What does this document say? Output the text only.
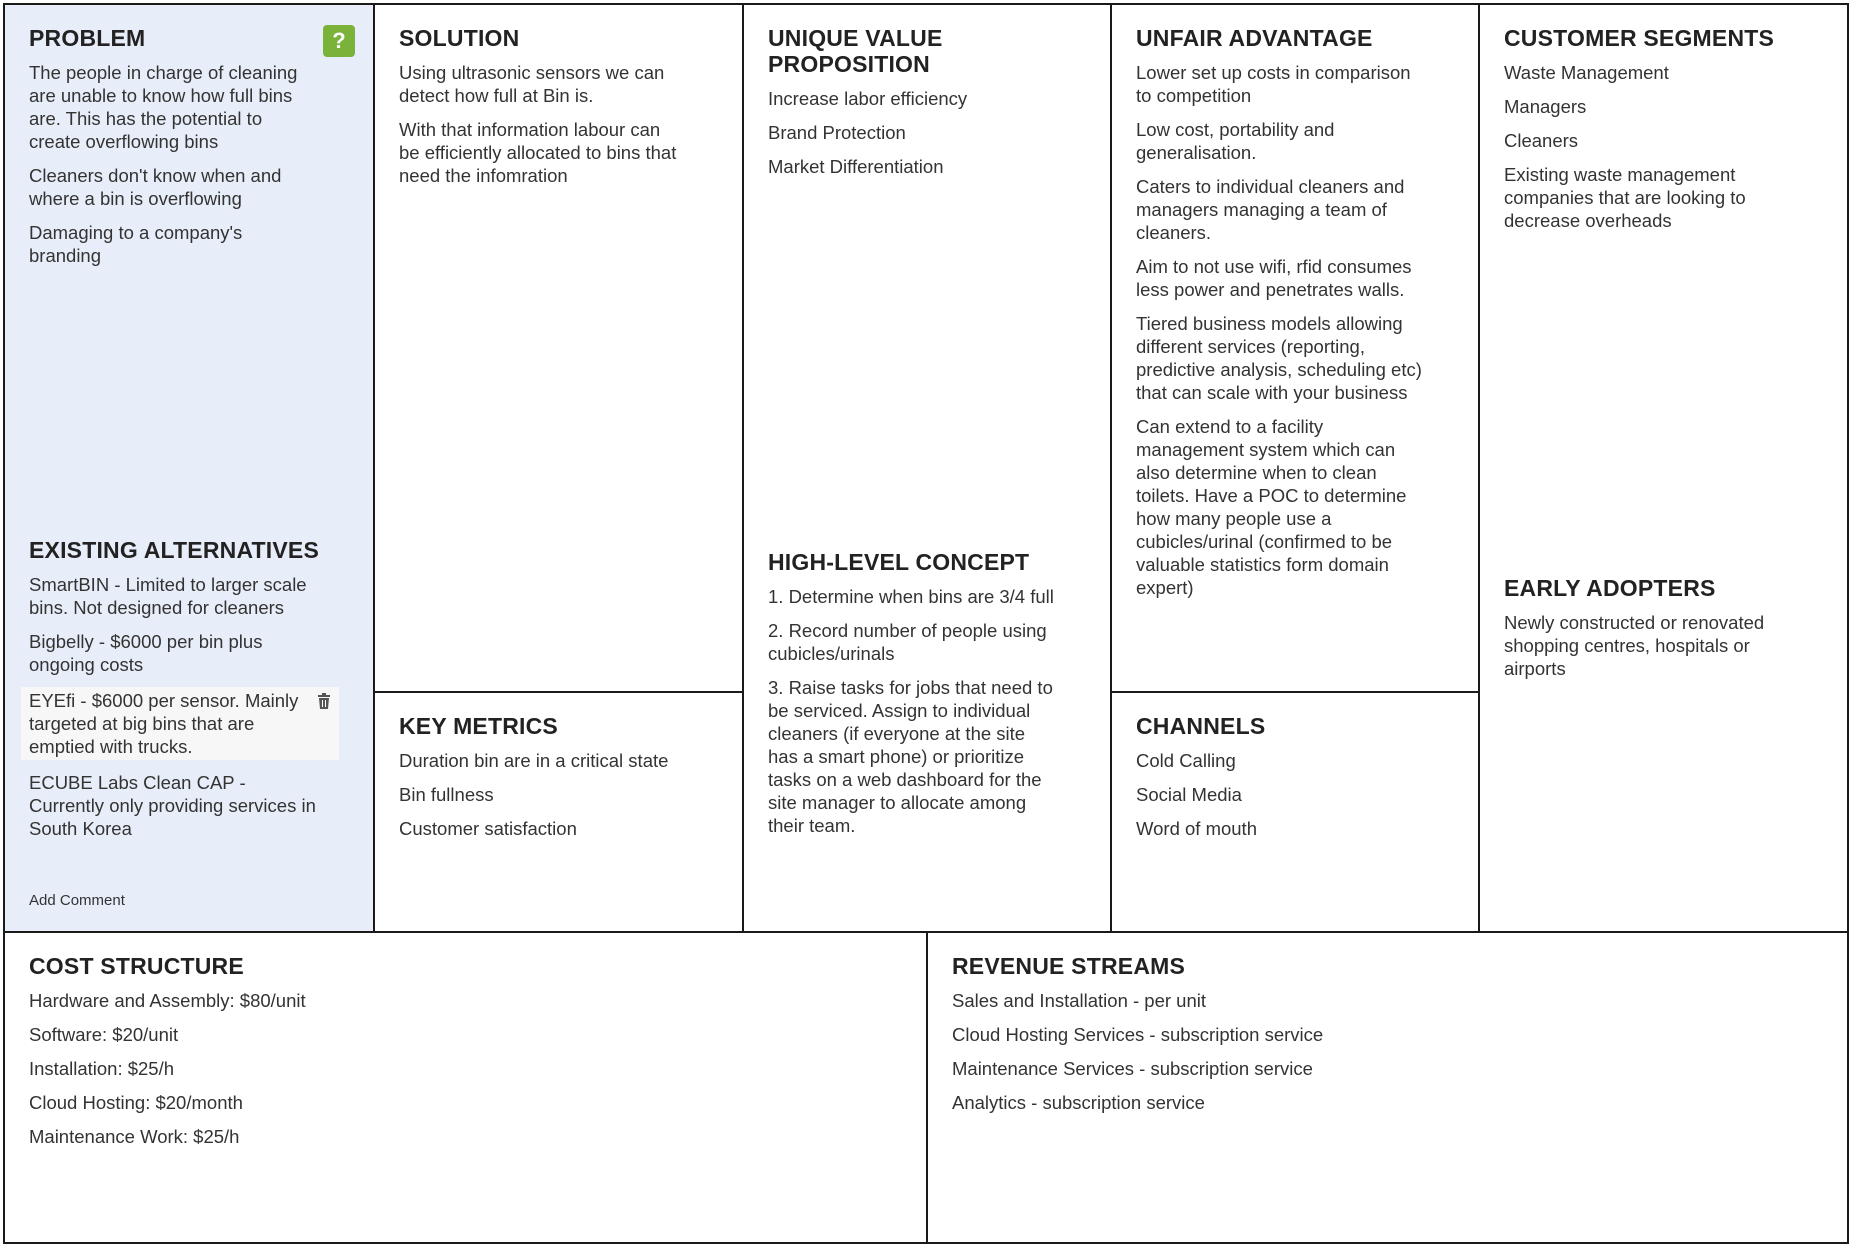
PROBLEM	?
The people in charge of cleaning are unable to know how full bins are. This has the potential to create overflowing bins
Cleaners don't know when and where a bin is overflowing
Damaging to a company's branding
EXISTING ALTERNATIVES
SmartBIN - Limited to larger scale bins. Not designed for cleaners
Bigbelly - $6000 per bin plus ongoing costs
EYEfi - $6000 per sensor. Mainly targeted at big bins that are emptied with trucks.
ECUBE Labs Clean CAP - Currently only providing services in South Korea
Add Comment
SOLUTION
Using ultrasonic sensors we can detect how full at Bin is.
With that information labour can be efficiently allocated to bins that need the infomration
KEY METRICS
Duration bin are in a critical state
Bin fullness
Customer satisfaction
UNIQUE VALUE PROPOSITION
Increase labor efficiency
Brand Protection
Market Differentiation
HIGH-LEVEL CONCEPT
1. Determine when bins are 3/4 full
2. Record number of people using cubicles/urinals
3. Raise tasks for jobs that need to be serviced. Assign to individual cleaners (if everyone at the site has a smart phone) or prioritize tasks on a web dashboard for the site manager to allocate among their team.
UNFAIR ADVANTAGE
Lower set up costs in comparison to competition
Low cost, portability and generalisation.
Caters to individual cleaners and managers managing a team of cleaners.
Aim to not use wifi, rfid consumes less power and penetrates walls.
Tiered business models allowing different services (reporting, predictive analysis, scheduling etc) that can scale with your business
Can extend to a facility management system which can also determine when to clean toilets. Have a POC to determine how many people use a cubicles/urinal (confirmed to be valuable statistics form domain expert)
CHANNELS
Cold Calling
Social Media
Word of mouth
CUSTOMER SEGMENTS
Waste Management
Managers
Cleaners
Existing waste management companies that are looking to decrease overheads
EARLY ADOPTERS
Newly constructed or renovated shopping centres, hospitals or airports
COST STRUCTURE
Hardware and Assembly: $80/unit
Software: $20/unit
Installation: $25/h
Cloud Hosting: $20/month
Maintenance Work: $25/h
REVENUE STREAMS
Sales and Installation - per unit
Cloud Hosting Services - subscription service
Maintenance Services - subscription service
Analytics - subscription service
